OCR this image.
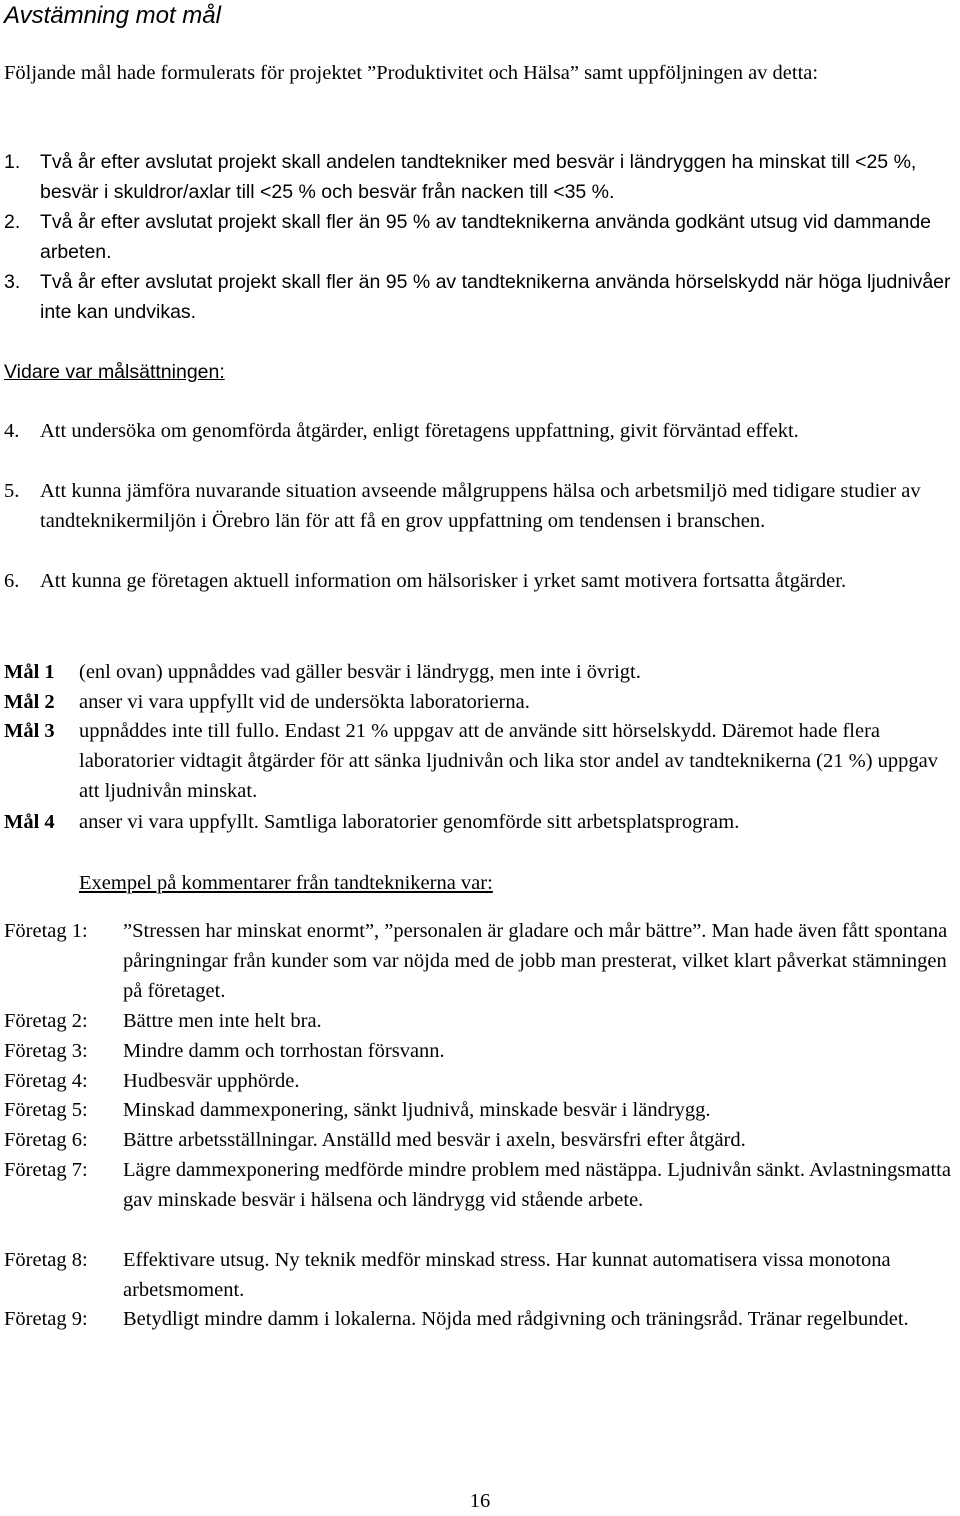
Avstämning mot mål

Följande mål hade formulerats för projektet ”Produktivitet och Hälsa” samt uppföljningen av detta:

1.	Två år efter avslutat projekt skall andelen tandtekniker med besvär i ländryggen ha minskat till <25 %, besvär i skuldror/axlar till <25 % och besvär från nacken till <35 %.
2.	Två år efter avslutat projekt skall fler än 95 % av tandteknikerna använda godkänt utsug vid dammande arbeten.
3.	Två år efter avslutat projekt skall fler än 95 % av tandteknikerna använda hörselskydd när höga ljudnivåer inte kan undvikas.
Vidare var målsättningen:
4.	Att undersöka om genomförda åtgärder, enligt företagens uppfattning, givit förväntad effekt.
5.	Att kunna jämföra nuvarande situation avseende målgruppens hälsa och arbetsmiljö med tidigare studier av tandteknikermiljön i Örebro län för att få en grov uppfattning om tendensen i branschen.
6.	Att kunna ge företagen aktuell information om hälsorisker i yrket samt motivera fortsatta åtgärder.
Mål 1 (enl ovan) uppnåddes vad gäller besvär i ländrygg, men inte i övrigt.
Mål 2 anser vi vara uppfyllt vid de undersökta laboratorierna.
Mål 3 uppnåddes inte till fullo. Endast 21 % uppgav att de använde sitt hörselskydd. Däremot hade flera laboratorier vidtagit åtgärder för att sänka ljudnivån och lika stor andel av tandteknikerna (21 %) uppgav att ljudnivån minskat.
Mål 4 anser vi vara uppfyllt. Samtliga laboratorier genomförde sitt arbetsplatsprogram.
Exempel på kommentarer från tandteknikerna var:
Företag 1: ”Stressen har minskat enormt”, ”personalen är gladare och mår bättre”. Man hade även fått spontana påringningar från kunder som var nöjda med de jobb man presterat, vilket klart påverkat stämningen på företaget.
Företag 2: Bättre men inte helt bra.
Företag 3: Mindre damm och torrhostan försvann.
Företag 4: Hudbesvär upphörde.
Företag 5: Minskad dammexponering, sänkt ljudnivå, minskade besvär i ländrygg.
Företag 6: Bättre arbetsställningar. Anställd med besvär i axeln, besvärsfri efter åtgärd.
Företag 7: Lägre dammexponering medförde mindre problem med nästäppa. Ljudnivån sänkt. Avlastningsmatta gav minskade besvär i hälsena och ländrygg vid stående arbete.
Företag 8: Effektivare utsug. Ny teknik medför minskad stress. Har kunnat automatisera vissa monotona arbetsmoment.
Företag 9: Betydligt mindre damm i lokalerna. Nöjda med rådgivning och träningsråd. Tränar regelbundet.
16
